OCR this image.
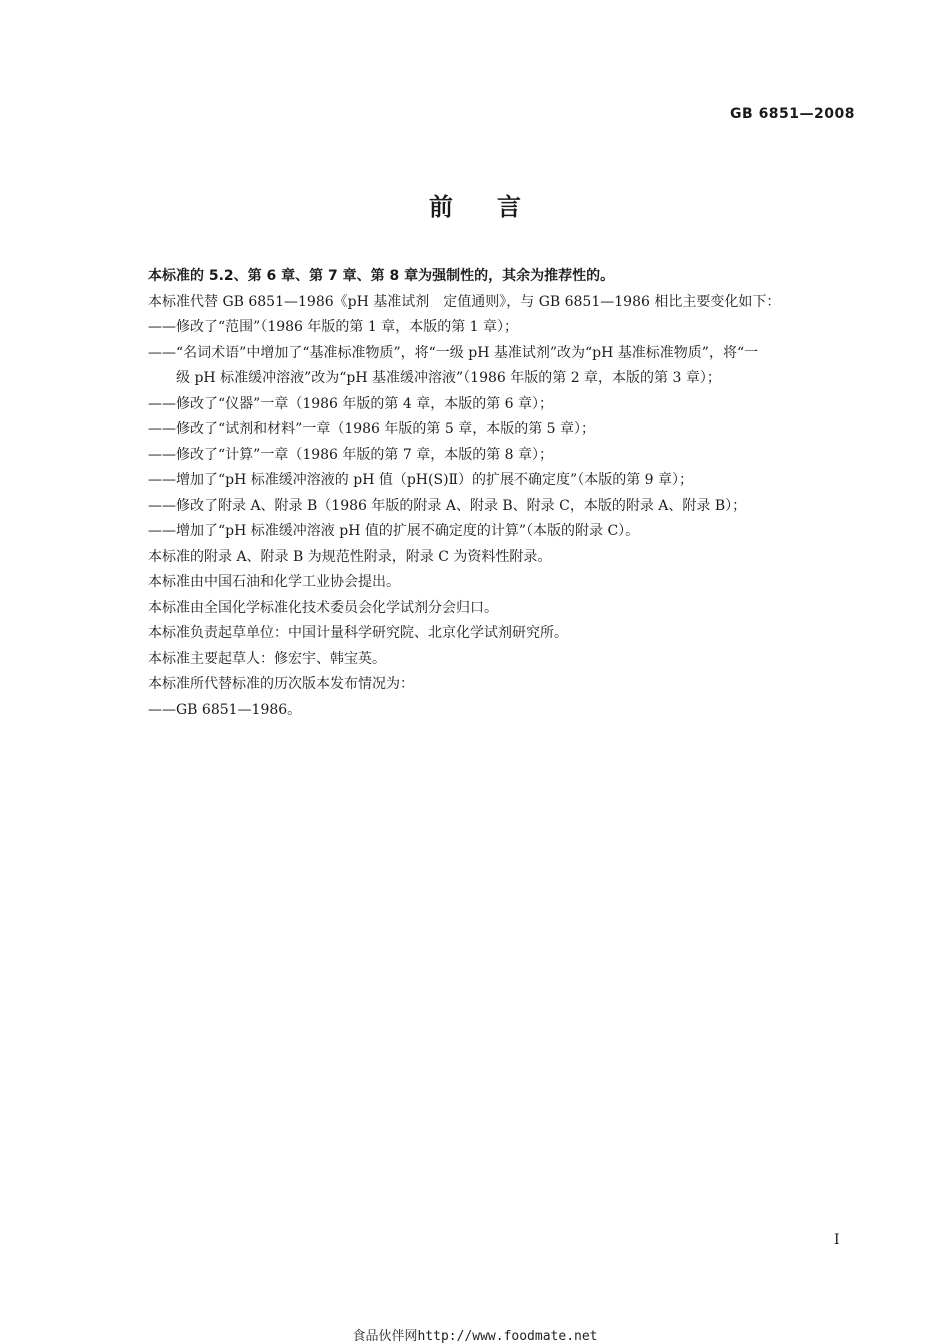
GB 6851—2008
前言
本标准的 5.2、第 6 章、第 7 章、第 8 章为强制性的，其余为推荐性的。
本标准代替 GB 6851—1986《pH 基准试剂　定值通则》，与 GB 6851—1986 相比主要变化如下：
——修改了“范围”（1986 年版的第 1 章，本版的第 1 章）；
——“名词术语”中增加了“基准标准物质”，将“一级 pH 基准试剂”改为“pH 基准标准物质”，将“一
级 pH 标准缓冲溶液”改为“pH 基准缓冲溶液”（1986 年版的第 2 章，本版的第 3 章）；
——修改了“仪器”一章（1986 年版的第 4 章，本版的第 6 章）；
——修改了“试剂和材料”一章（1986 年版的第 5 章，本版的第 5 章）；
——修改了“计算”一章（1986 年版的第 7 章，本版的第 8 章）；
——增加了“pH 标准缓冲溶液的 pH 值（pH(S)Ⅱ）的扩展不确定度”（本版的第 9 章）；
——修改了附录 A、附录 B（1986 年版的附录 A、附录 B、附录 C，本版的附录 A、附录 B）；
——增加了“pH 标准缓冲溶液 pH 值的扩展不确定度的计算”（本版的附录 C）。
本标准的附录 A、附录 B 为规范性附录，附录 C 为资料性附录。
本标准由中国石油和化学工业协会提出。
本标准由全国化学标准化技术委员会化学试剂分会归口。
本标准负责起草单位：中国计量科学研究院、北京化学试剂研究所。
本标准主要起草人：修宏宇、韩宝英。
本标准所代替标准的历次版本发布情况为：
——GB 6851—1986。
I
食品伙伴网http://www.foodmate.net
